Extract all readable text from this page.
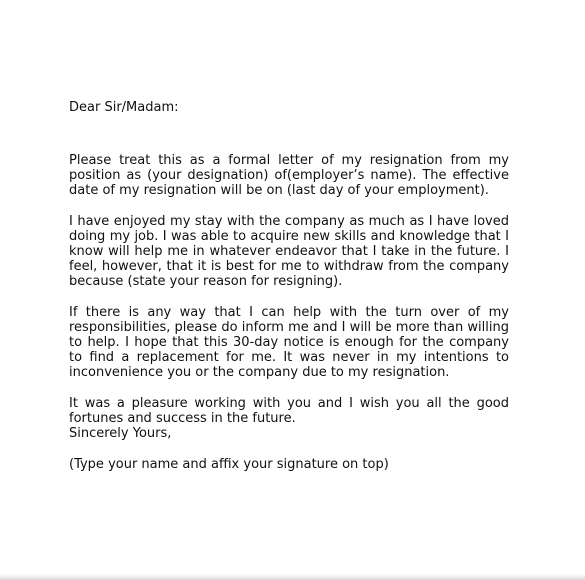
Dear Sir/Madam:

Please treat this as a formal letter of my resignation from my position as (your designation) of(employer’s name). The effective date of my resignation will be on (last day of your employment).

I have enjoyed my stay with the company as much as I have loved doing my job. I was able to acquire new skills and knowledge that I know will help me in whatever endeavor that I take in the future. I feel, however, that it is best for me to withdraw from the company because (state your reason for resigning).

If there is any way that I can help with the turn over of my responsibilities, please do inform me and I will be more than willing to help. I hope that this 30-day notice is enough for the company to find a replacement for me. It was never in my intentions to inconvenience you or the company due to my resignation.

It was a pleasure working with you and I wish you all the good fortunes and success in the future.

Sincerely Yours,

(Type your name and affix your signature on top)
